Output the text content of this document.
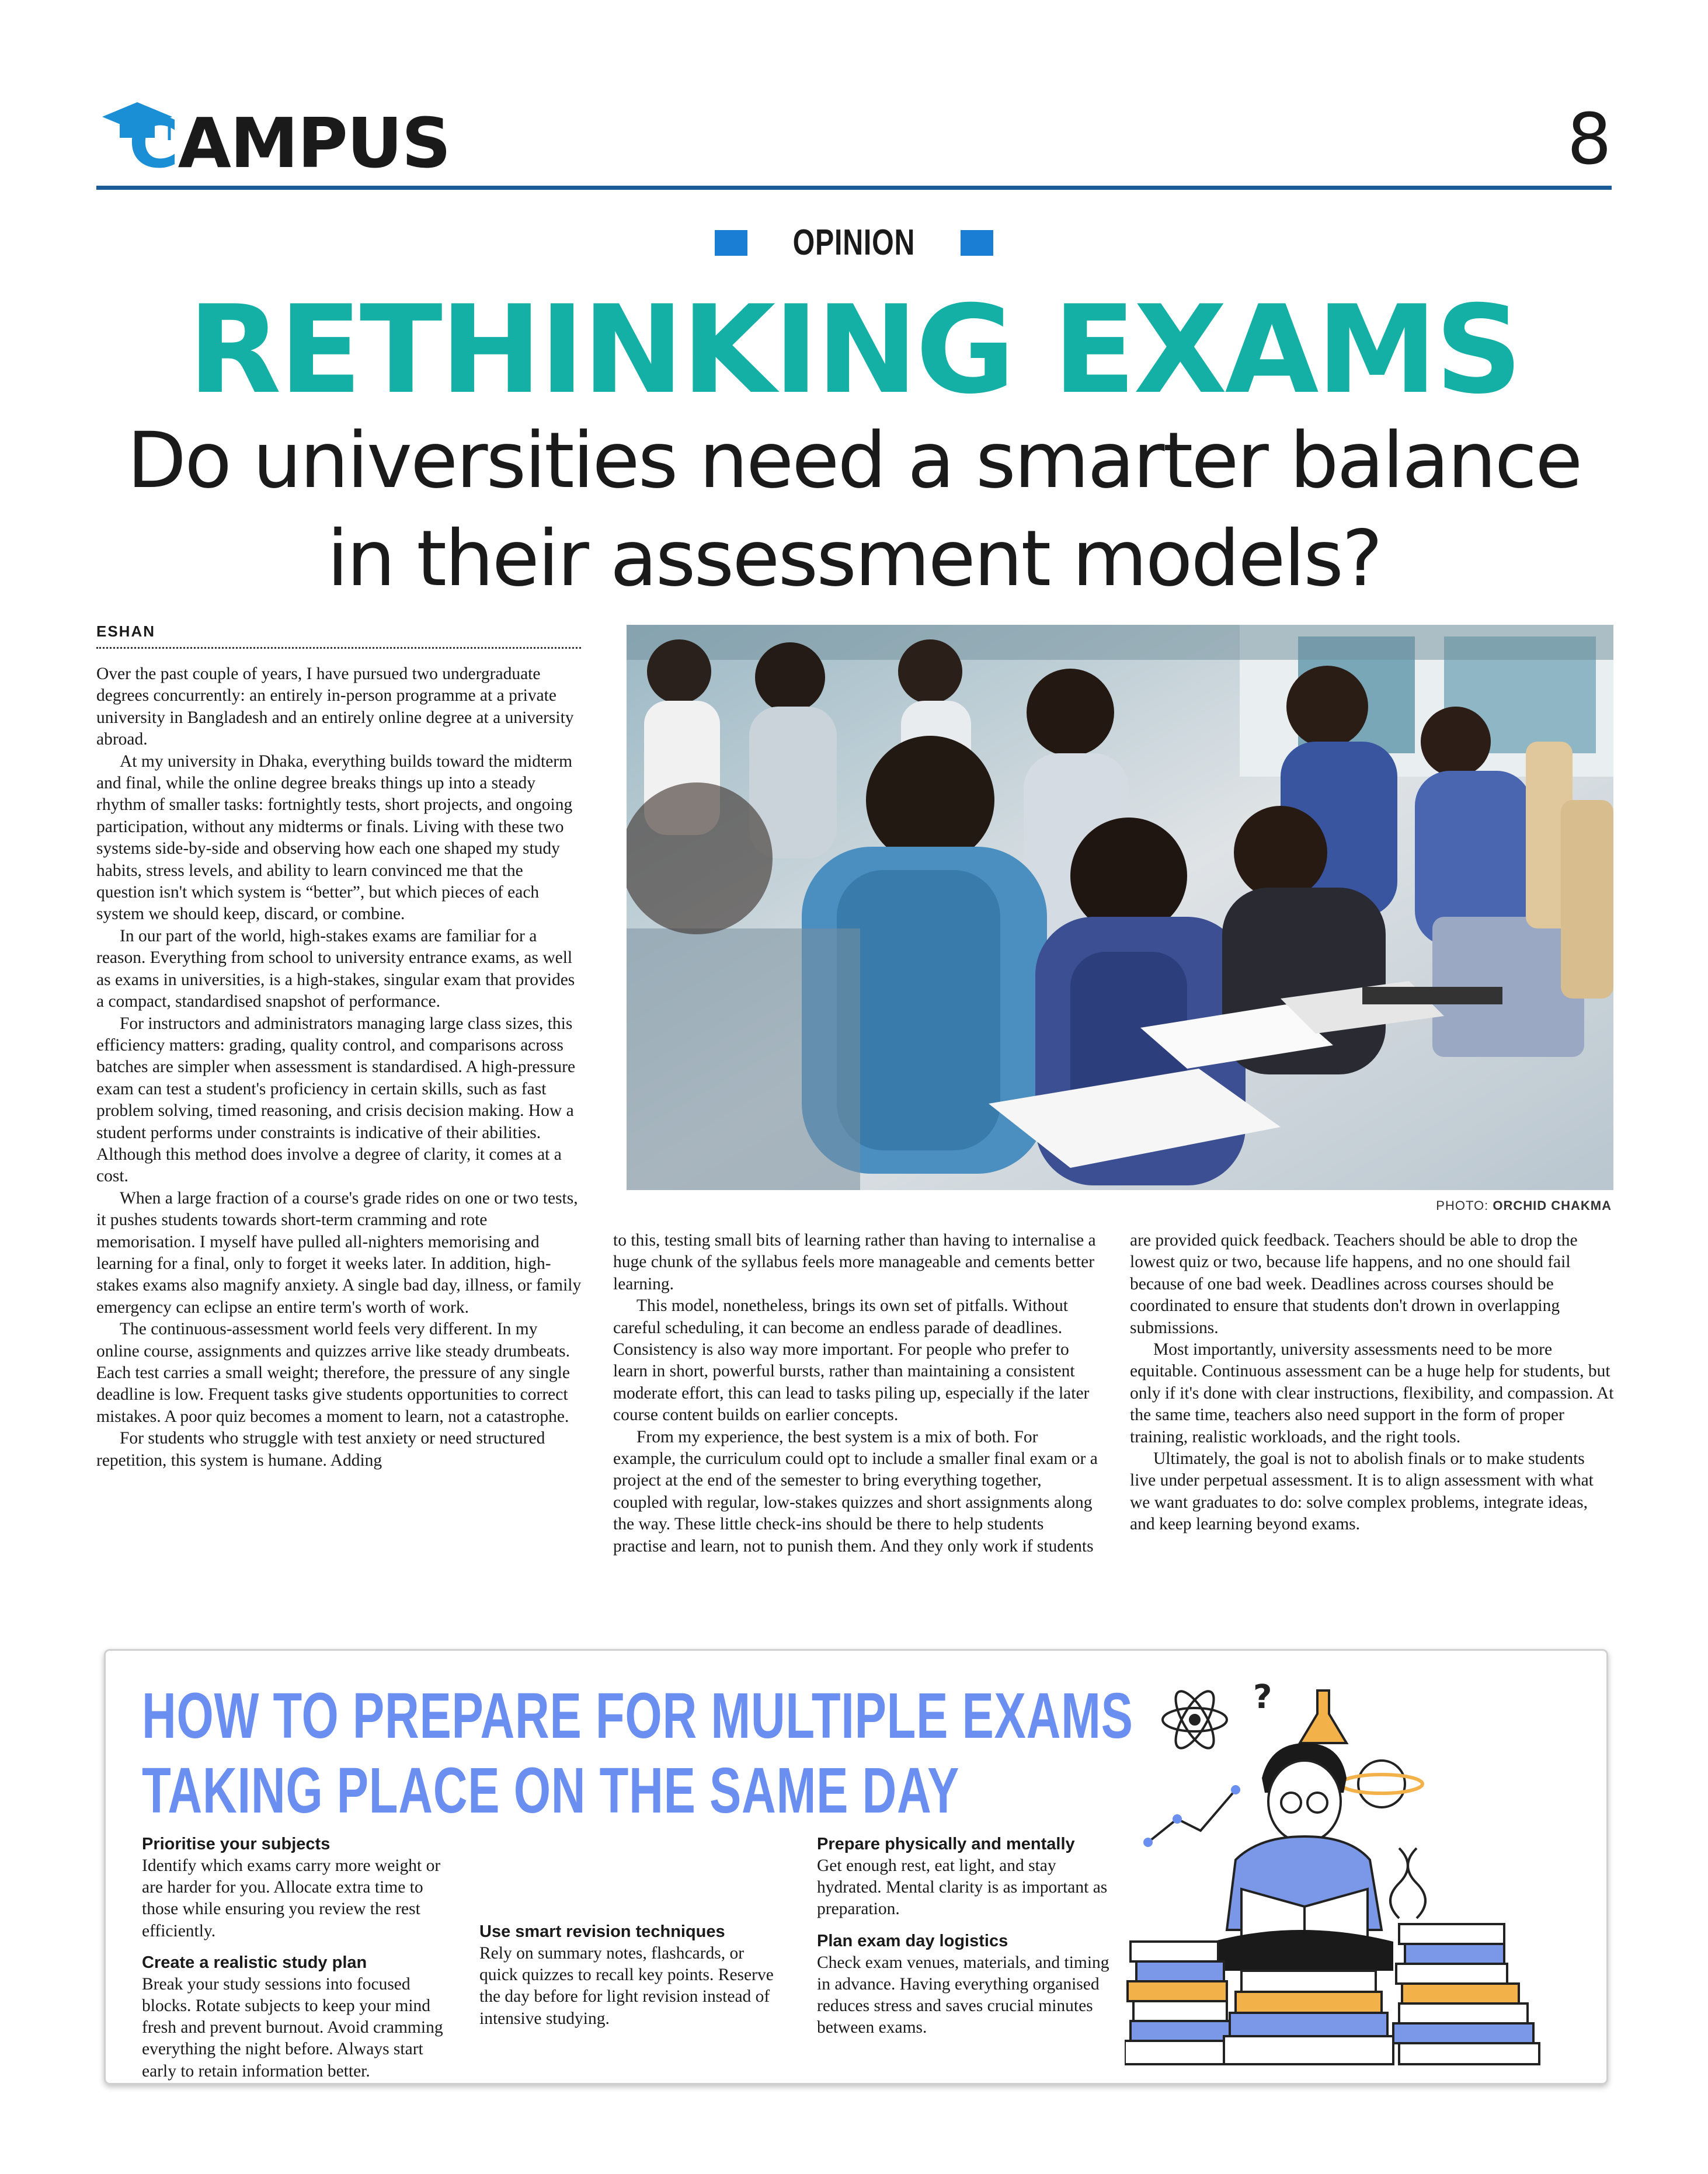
CAMPUS	8
OPINION
RETHINKING EXAMS
Do universities need a smarter balance
in their assessment models?
ESHAN

Over the past couple of years, I have pursued two undergraduate degrees concurrently: an entirely in-person programme at a private university in Bangladesh and an entirely online degree at a university abroad.

At my university in Dhaka, everything builds toward the midterm and final, while the online degree breaks things up into a steady rhythm of smaller tasks: fortnightly tests, short projects, and ongoing participation, without any midterms or finals. Living with these two systems side-by-side and observing how each one shaped my study habits, stress levels, and ability to learn convinced me that the question isn't which system is “better”, but which pieces of each system we should keep, discard, or combine.

In our part of the world, high-stakes exams are familiar for a reason. Everything from school to university entrance exams, as well as exams in universities, is a high-stakes, singular exam that provides a compact, standardised snapshot of performance.

For instructors and administrators managing large class sizes, this efficiency matters: grading, quality control, and comparisons across batches are simpler when assessment is standardised. A high-pressure exam can test a student's proficiency in certain skills, such as fast problem solving, timed reasoning, and crisis decision making. How a student performs under constraints is indicative of their abilities. Although this method does involve a degree of clarity, it comes at a cost.

When a large fraction of a course's grade rides on one or two tests, it pushes students towards short-term cramming and rote memorisation. I myself have pulled all-nighters memorising and learning for a final, only to forget it weeks later. In addition, high-stakes exams also magnify anxiety. A single bad day, illness, or family emergency can eclipse an entire term's worth of work.

The continuous-assessment world feels very different. In my online course, assignments and quizzes arrive like steady drumbeats. Each test carries a small weight; therefore, the pressure of any single deadline is low. Frequent tasks give students opportunities to correct mistakes. A poor quiz becomes a moment to learn, not a catastrophe.

For students who struggle with test anxiety or need structured repetition, this system is humane. Adding

PHOTO: ORCHID CHAKMA

to this, testing small bits of learning rather than having to internalise a huge chunk of the syllabus feels more manageable and cements better learning.

This model, nonetheless, brings its own set of pitfalls. Without careful scheduling, it can become an endless parade of deadlines. Consistency is also way more important. For people who prefer to learn in short, powerful bursts, rather than maintaining a consistent moderate effort, this can lead to tasks piling up, especially if the later course content builds on earlier concepts.

From my experience, the best system is a mix of both. For example, the curriculum could opt to include a smaller final exam or a project at the end of the semester to bring everything together, coupled with regular, low-stakes quizzes and short assignments along the way. These little check-ins should be there to help students practise and learn, not to punish them. And they only work if students

are provided quick feedback. Teachers should be able to drop the lowest quiz or two, because life happens, and no one should fail because of one bad week. Deadlines across courses should be coordinated to ensure that students don't drown in overlapping submissions.

Most importantly, university assessments need to be more equitable. Continuous assessment can be a huge help for students, but only if it's done with clear instructions, flexibility, and compassion. At the same time, teachers also need support in the form of proper training, realistic workloads, and the right tools.

Ultimately, the goal is not to abolish finals or to make students live under perpetual assessment. It is to align assessment with what we want graduates to do: solve complex problems, integrate ideas, and keep learning beyond exams.

HOW TO PREPARE FOR MULTIPLE EXAMS
TAKING PLACE ON THE SAME DAY
Prioritise your subjects

Identify which exams carry more weight or are harder for you. Allocate extra time to those while ensuring you review the rest efficiently.

Create a realistic study plan

Break your study sessions into focused blocks. Rotate subjects to keep your mind fresh and prevent burnout. Avoid cramming everything the night before. Always start early to retain information better.

Use smart revision techniques

Rely on summary notes, flashcards, or quick quizzes to recall key points. Reserve the day before for light revision instead of intensive studying.

Prepare physically and mentally

Get enough rest, eat light, and stay hydrated. Mental clarity is as important as preparation.

Plan exam day logistics

Check exam venues, materials, and timing in advance. Having everything organised reduces stress and saves crucial minutes between exams.

?
